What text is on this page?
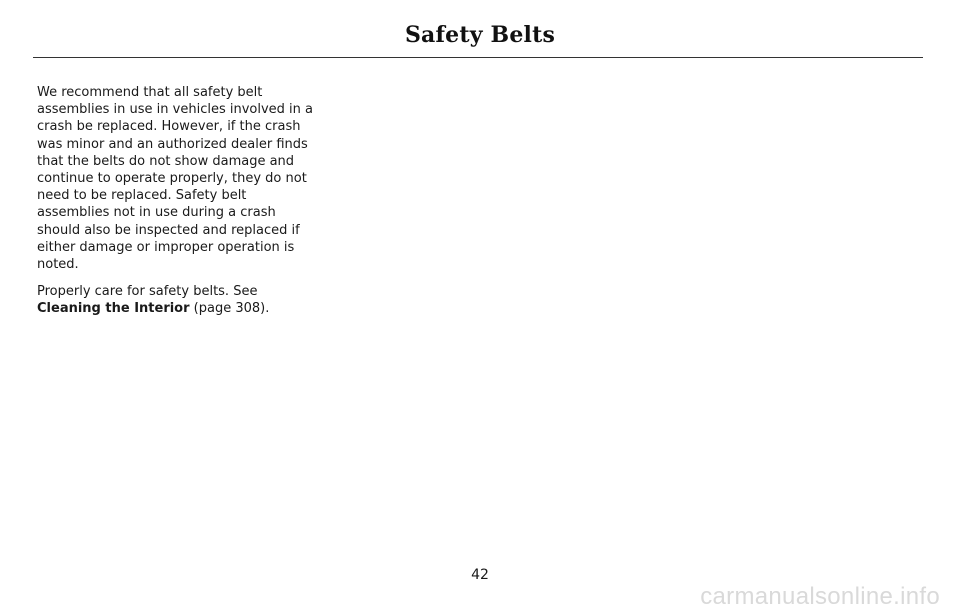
Safety Belts

We recommend that all safety belt assemblies in use in vehicles involved in a crash be replaced. However, if the crash was minor and an authorized dealer finds that the belts do not show damage and continue to operate properly, they do not need to be replaced. Safety belt assemblies not in use during a crash should also be inspected and replaced if either damage or improper operation is noted.

Properly care for safety belts. See Cleaning the Interior (page 308).

42
carmanualsonline.info
